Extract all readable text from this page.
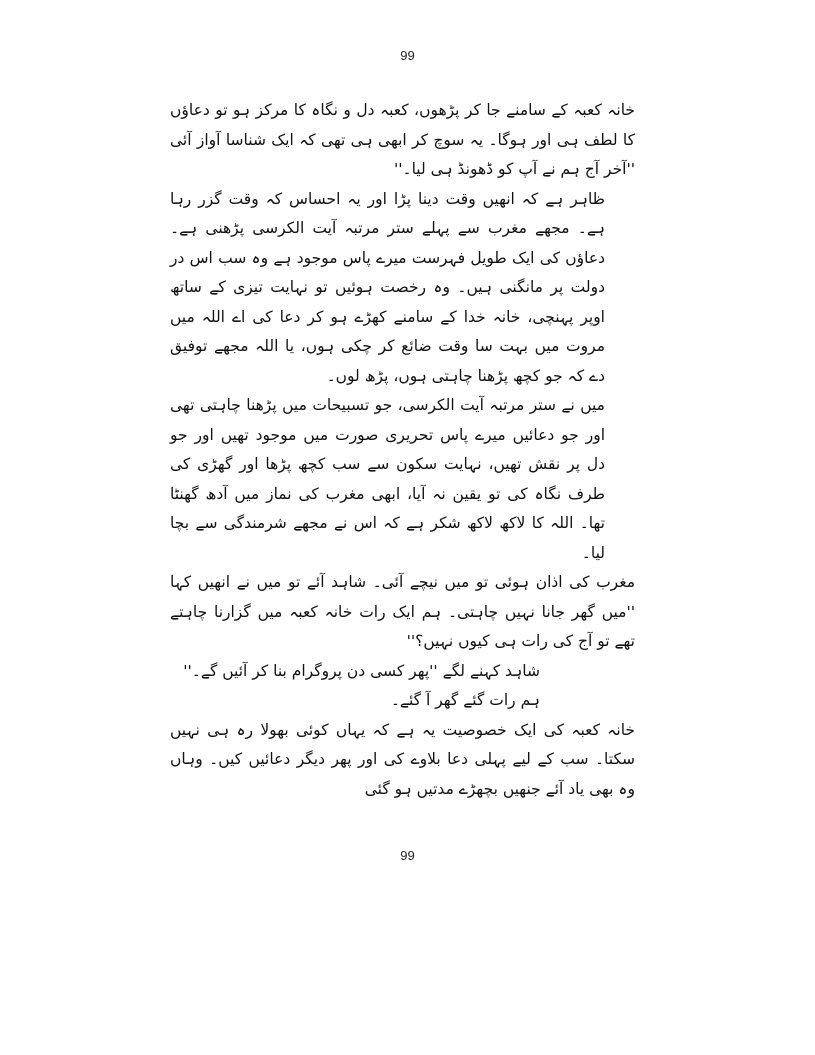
99

خانہ کعبہ کے سامنے جا کر پڑھوں، کعبہ دل و نگاہ کا مرکز ہو تو دعاؤں کا لطف ہی اور ہوگا۔ یہ سوچ کر ابھی ہی تھی کہ ایک شناسا آواز آئی ''آخر آج ہم نے آپ کو ڈھونڈ ہی لیا۔''

ظاہر ہے کہ انھیں وقت دینا پڑا اور یہ احساس کہ وقت گزر رہا ہے۔ مجھے مغرب سے پہلے ستر مرتبہ آیت الکرسی پڑھنی ہے۔ دعاؤں کی ایک طویل فہرست میرے پاس موجود ہے وہ سب اس در دولت پر مانگنی ہیں۔ وہ رخصت ہوئیں تو نہایت تیزی کے ساتھ اوپر پہنچی، خانہ خدا کے سامنے کھڑے ہو کر دعا کی اے اللہ میں مروت میں بہت سا وقت ضائع کر چکی ہوں، یا اللہ مجھے توفیق دے کہ جو کچھ پڑھنا چاہتی ہوں، پڑھ لوں۔

میں نے ستر مرتبہ آیت الکرسی، جو تسبیحات میں پڑھنا چاہتی تھی اور جو دعائیں میرے پاس تحریری صورت میں موجود تھیں اور جو دل پر نقش تھیں، نہایت سکون سے سب کچھ پڑھا اور گھڑی کی طرف نگاہ کی تو یقین نہ آیا، ابھی مغرب کی نماز میں آدھ گھنٹا تھا۔ اللہ کا لاکھ لاکھ شکر ہے کہ اس نے مجھے شرمندگی سے بچا لیا۔

مغرب کی اذان ہوئی تو میں نیچے آئی۔ شاہد آئے تو میں نے انھیں کہا ''میں گھر جانا نہیں چاہتی۔ ہم ایک رات خانہ کعبہ میں گزارنا چاہتے تھے تو آج کی رات ہی کیوں نہیں؟''

شاہد کہنے لگے ''پھر کسی دن پروگرام بنا کر آئیں گے۔''

ہم رات گئے گھر آ گئے۔

خانہ کعبہ کی ایک خصوصیت یہ ہے کہ یہاں کوئی بھولا رہ ہی نہیں سکتا۔ سب کے لیے پہلی دعا بلاوے کی اور پھر دیگر دعائیں کیں۔ وہاں وہ بھی یاد آئے جنھیں بچھڑے مدتیں ہو گئی

99
